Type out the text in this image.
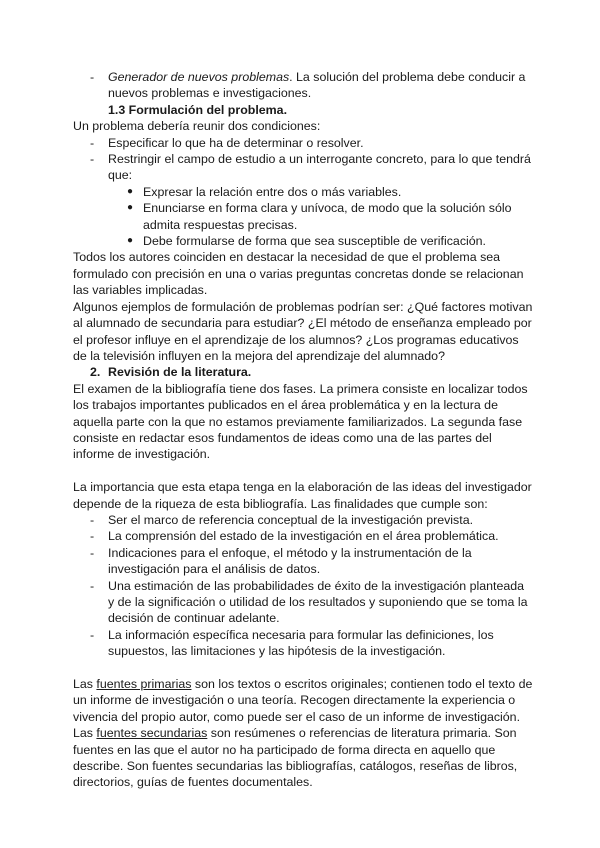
- Generador de nuevos problemas. La solución del problema debe conducir a nuevos problemas e investigaciones.

1.3 Formulación del problema.

Un problema debería reunir dos condiciones:

- Especificar lo que ha de determinar o resolver.
- Restringir el campo de estudio a un interrogante concreto, para lo que tendrá que:
● Expresar la relación entre dos o más variables.
● Enunciarse en forma clara y unívoca, de modo que la solución sólo admita respuestas precisas.
● Debe formularse de forma que sea susceptible de verificación.

Todos los autores coinciden en destacar la necesidad de que el problema sea formulado con precisión en una o varias preguntas concretas donde se relacionan las variables implicadas.

Algunos ejemplos de formulación de problemas podrían ser: ¿Qué factores motivan al alumnado de secundaria para estudiar? ¿El método de enseñanza empleado por el profesor influye en el aprendizaje de los alumnos? ¿Los programas educativos de la televisión influyen en la mejora del aprendizaje del alumnado?

2. Revisión de la literatura.

El examen de la bibliografía tiene dos fases. La primera consiste en localizar todos los trabajos importantes publicados en el área problemática y en la lectura de aquella parte con la que no estamos previamente familiarizados. La segunda fase consiste en redactar esos fundamentos de ideas como una de las partes del informe de investigación.

La importancia que esta etapa tenga en la elaboración de las ideas del investigador depende de la riqueza de esta bibliografía. Las finalidades que cumple son:

- Ser el marco de referencia conceptual de la investigación prevista.
- La comprensión del estado de la investigación en el área problemática.
- Indicaciones para el enfoque, el método y la instrumentación de la investigación para el análisis de datos.
- Una estimación de las probabilidades de éxito de la investigación planteada y de la significación o utilidad de los resultados y suponiendo que se toma la decisión de continuar adelante.
- La información específica necesaria para formular las definiciones, los supuestos, las limitaciones y las hipótesis de la investigación.

Las fuentes primarias son los textos o escritos originales; contienen todo el texto de un informe de investigación o una teoría. Recogen directamente la experiencia o vivencia del propio autor, como puede ser el caso de un informe de investigación.

Las fuentes secundarias son resúmenes o referencias de literatura primaria. Son fuentes en las que el autor no ha participado de forma directa en aquello que describe. Son fuentes secundarias las bibliografías, catálogos, reseñas de libros, directorios, guías de fuentes documentales.
